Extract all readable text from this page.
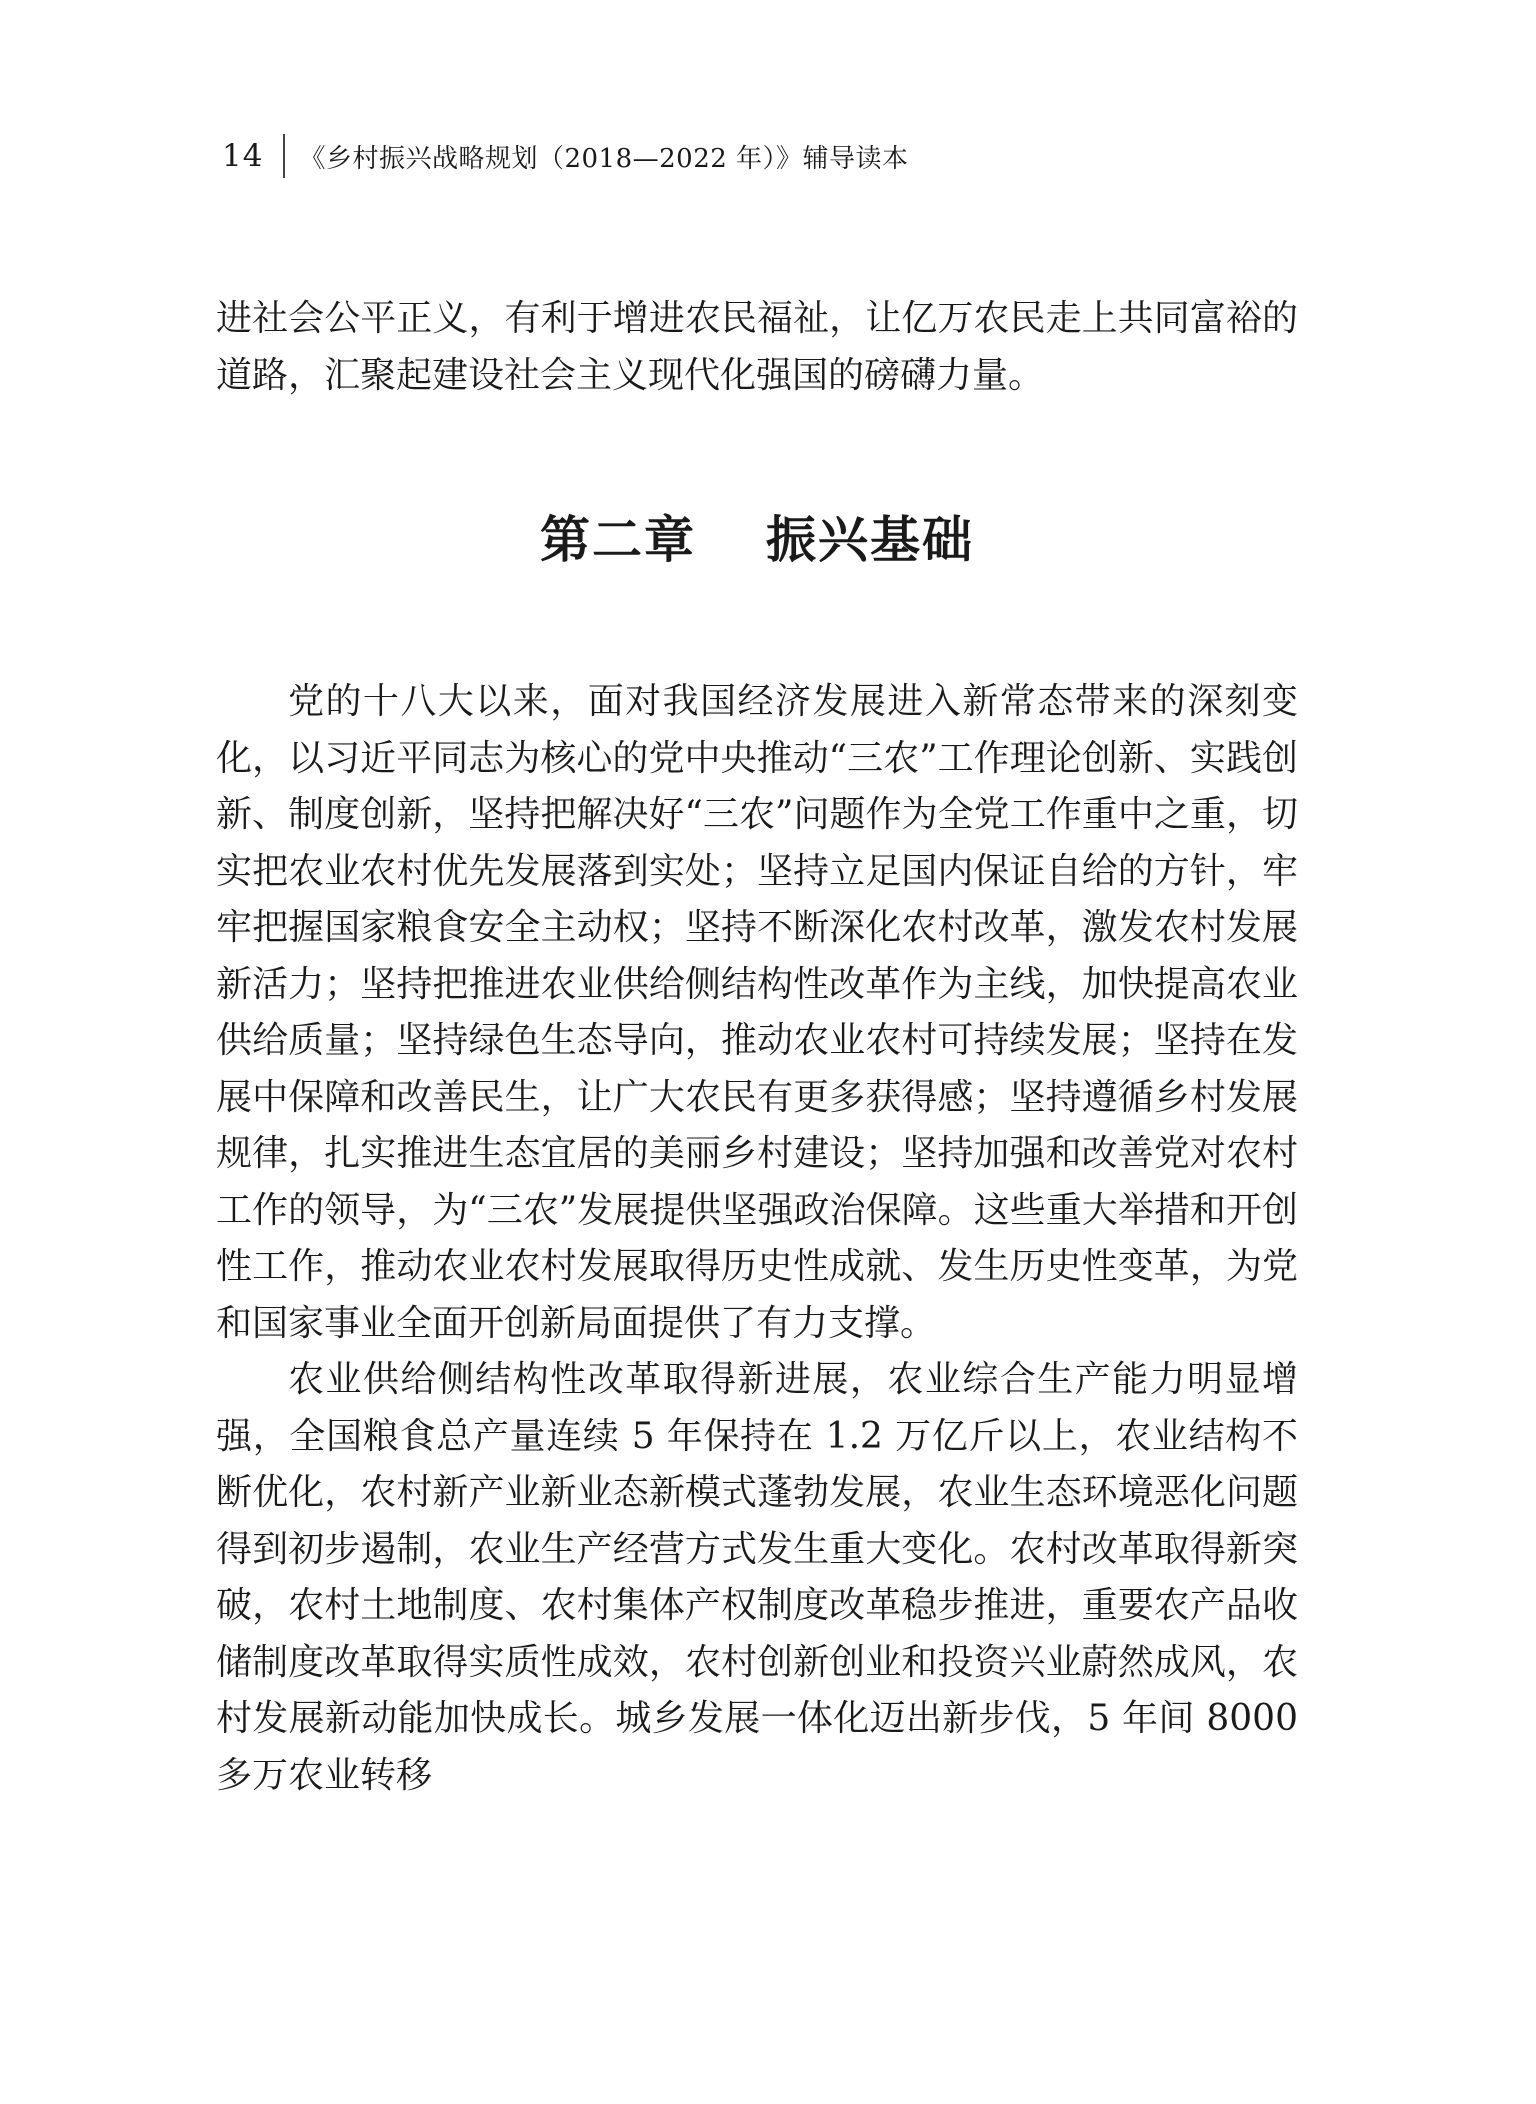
14 《乡村振兴战略规划（2018—2022 年）》辅导读本

进社会公平正义，有利于增进农民福祉，让亿万农民走上共同富裕的道路，汇聚起建设社会主义现代化强国的磅礴力量。

第二章 振兴基础

党的十八大以来，面对我国经济发展进入新常态带来的深刻变化，以习近平同志为核心的党中央推动“三农”工作理论创新、实践创新、制度创新，坚持把解决好“三农”问题作为全党工作重中之重，切实把农业农村优先发展落到实处；坚持立足国内保证自给的方针，牢牢把握国家粮食安全主动权；坚持不断深化农村改革，激发农村发展新活力；坚持把推进农业供给侧结构性改革作为主线，加快提高农业供给质量；坚持绿色生态导向，推动农业农村可持续发展；坚持在发展中保障和改善民生，让广大农民有更多获得感；坚持遵循乡村发展规律，扎实推进生态宜居的美丽乡村建设；坚持加强和改善党对农村工作的领导，为“三农”发展提供坚强政治保障。这些重大举措和开创性工作，推动农业农村发展取得历史性成就、发生历史性变革，为党和国家事业全面开创新局面提供了有力支撑。

农业供给侧结构性改革取得新进展，农业综合生产能力明显增强，全国粮食总产量连续 5 年保持在 1.2 万亿斤以上，农业结构不断优化，农村新产业新业态新模式蓬勃发展，农业生态环境恶化问题得到初步遏制，农业生产经营方式发生重大变化。农村改革取得新突破，农村土地制度、农村集体产权制度改革稳步推进，重要农产品收储制度改革取得实质性成效，农村创新创业和投资兴业蔚然成风，农村发展新动能加快成长。城乡发展一体化迈出新步伐，5 年间 8000 多万农业转移
